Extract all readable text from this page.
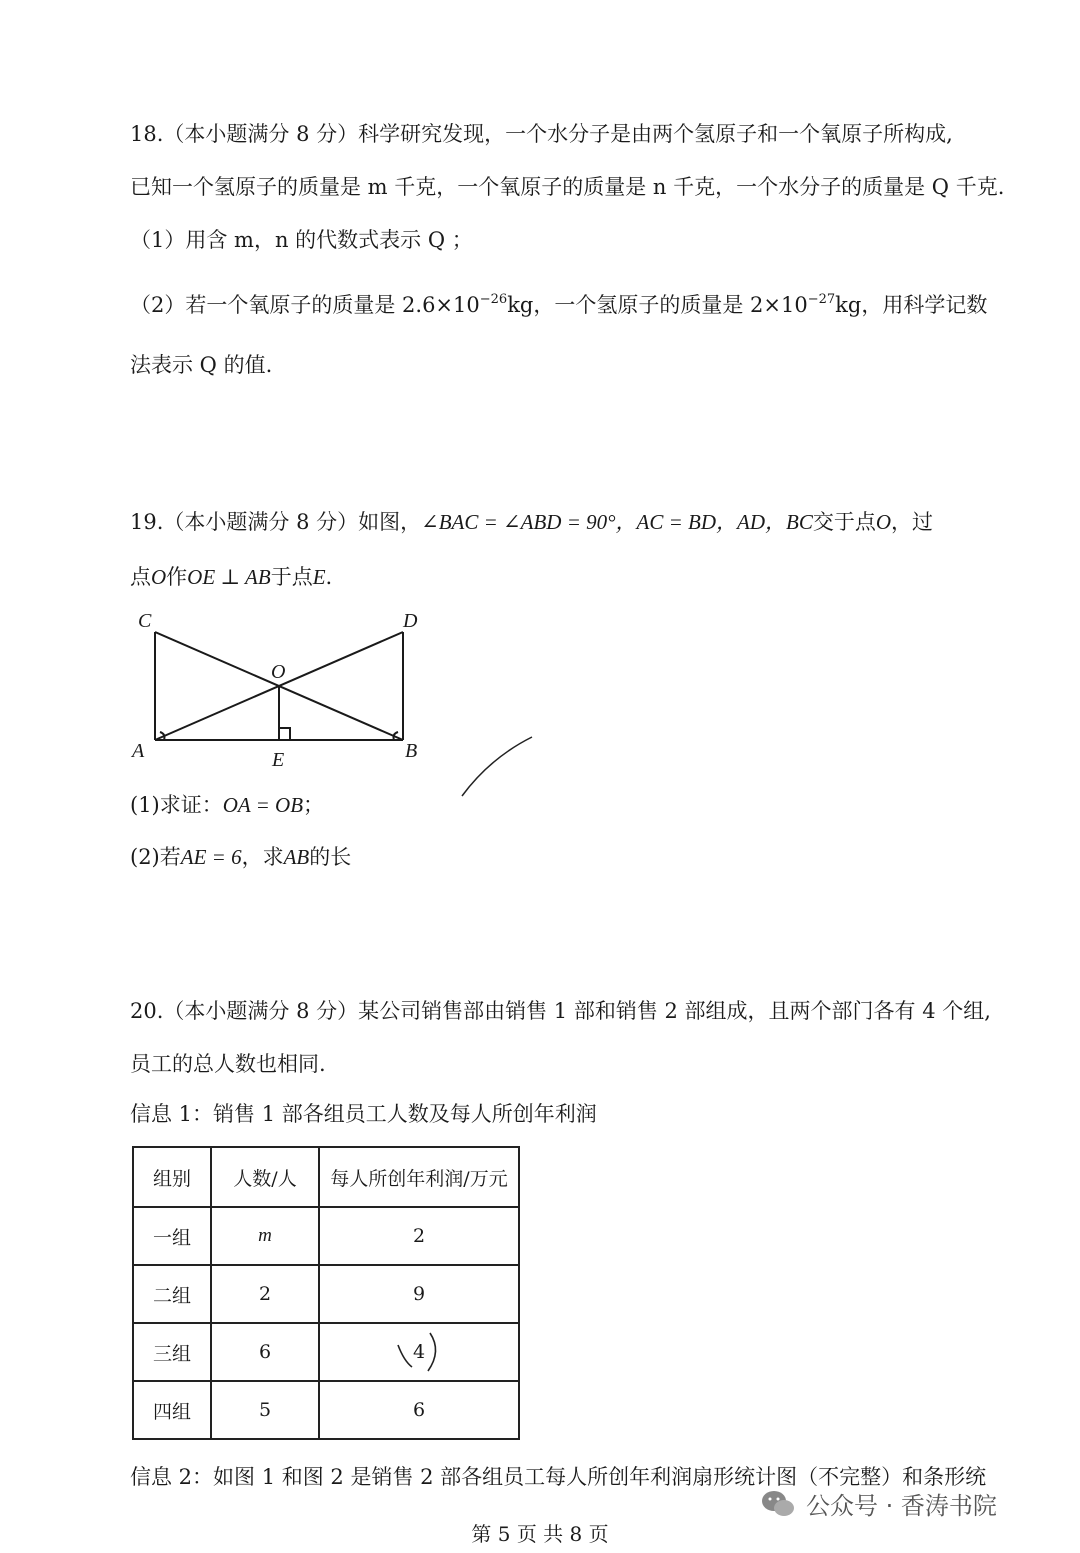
18.（本小题满分 8 分）科学研究发现，一个水分子是由两个氢原子和一个氧原子所构成,
已知一个氢原子的质量是 m 千克，一个氧原子的质量是 n 千克，一个水分子的质量是 Q 千克.
（1）用含 m，n 的代数式表示 Q ；
（2）若一个氧原子的质量是 $2.6\times 10^{-26}kg$，一个氢原子的质量是 $2\times 10^{-27}kg$，用科学记数
法表示 Q 的值.
19.（本小题满分 8 分）如图，∠BAC = ∠ABD = 90°，AC = BD，AD，BC交于点O，过
点O作OE ⊥ AB于点E.
C	D
O
A	E	B
(1)求证：OA = OB；
(2)若AE = 6，求AB的长
20.（本小题满分 8 分）某公司销售部由销售 1 部和销售 2 部组成，且两个部门各有 4 个组,
员工的总人数也相同.
信息 1：销售 1 部各组员工人数及每人所创年利润
组别	人数/人	每人所创年利润/万元
一组	m	2
二组	2	9
三组	6	4

四组	5	6
信息 2：如图 1 和图 2 是销售 2 部各组员工每人所创年利润扇形统计图（不完整）和条形统
公众号 · 香涛书院
第 5 页 共 8 页
